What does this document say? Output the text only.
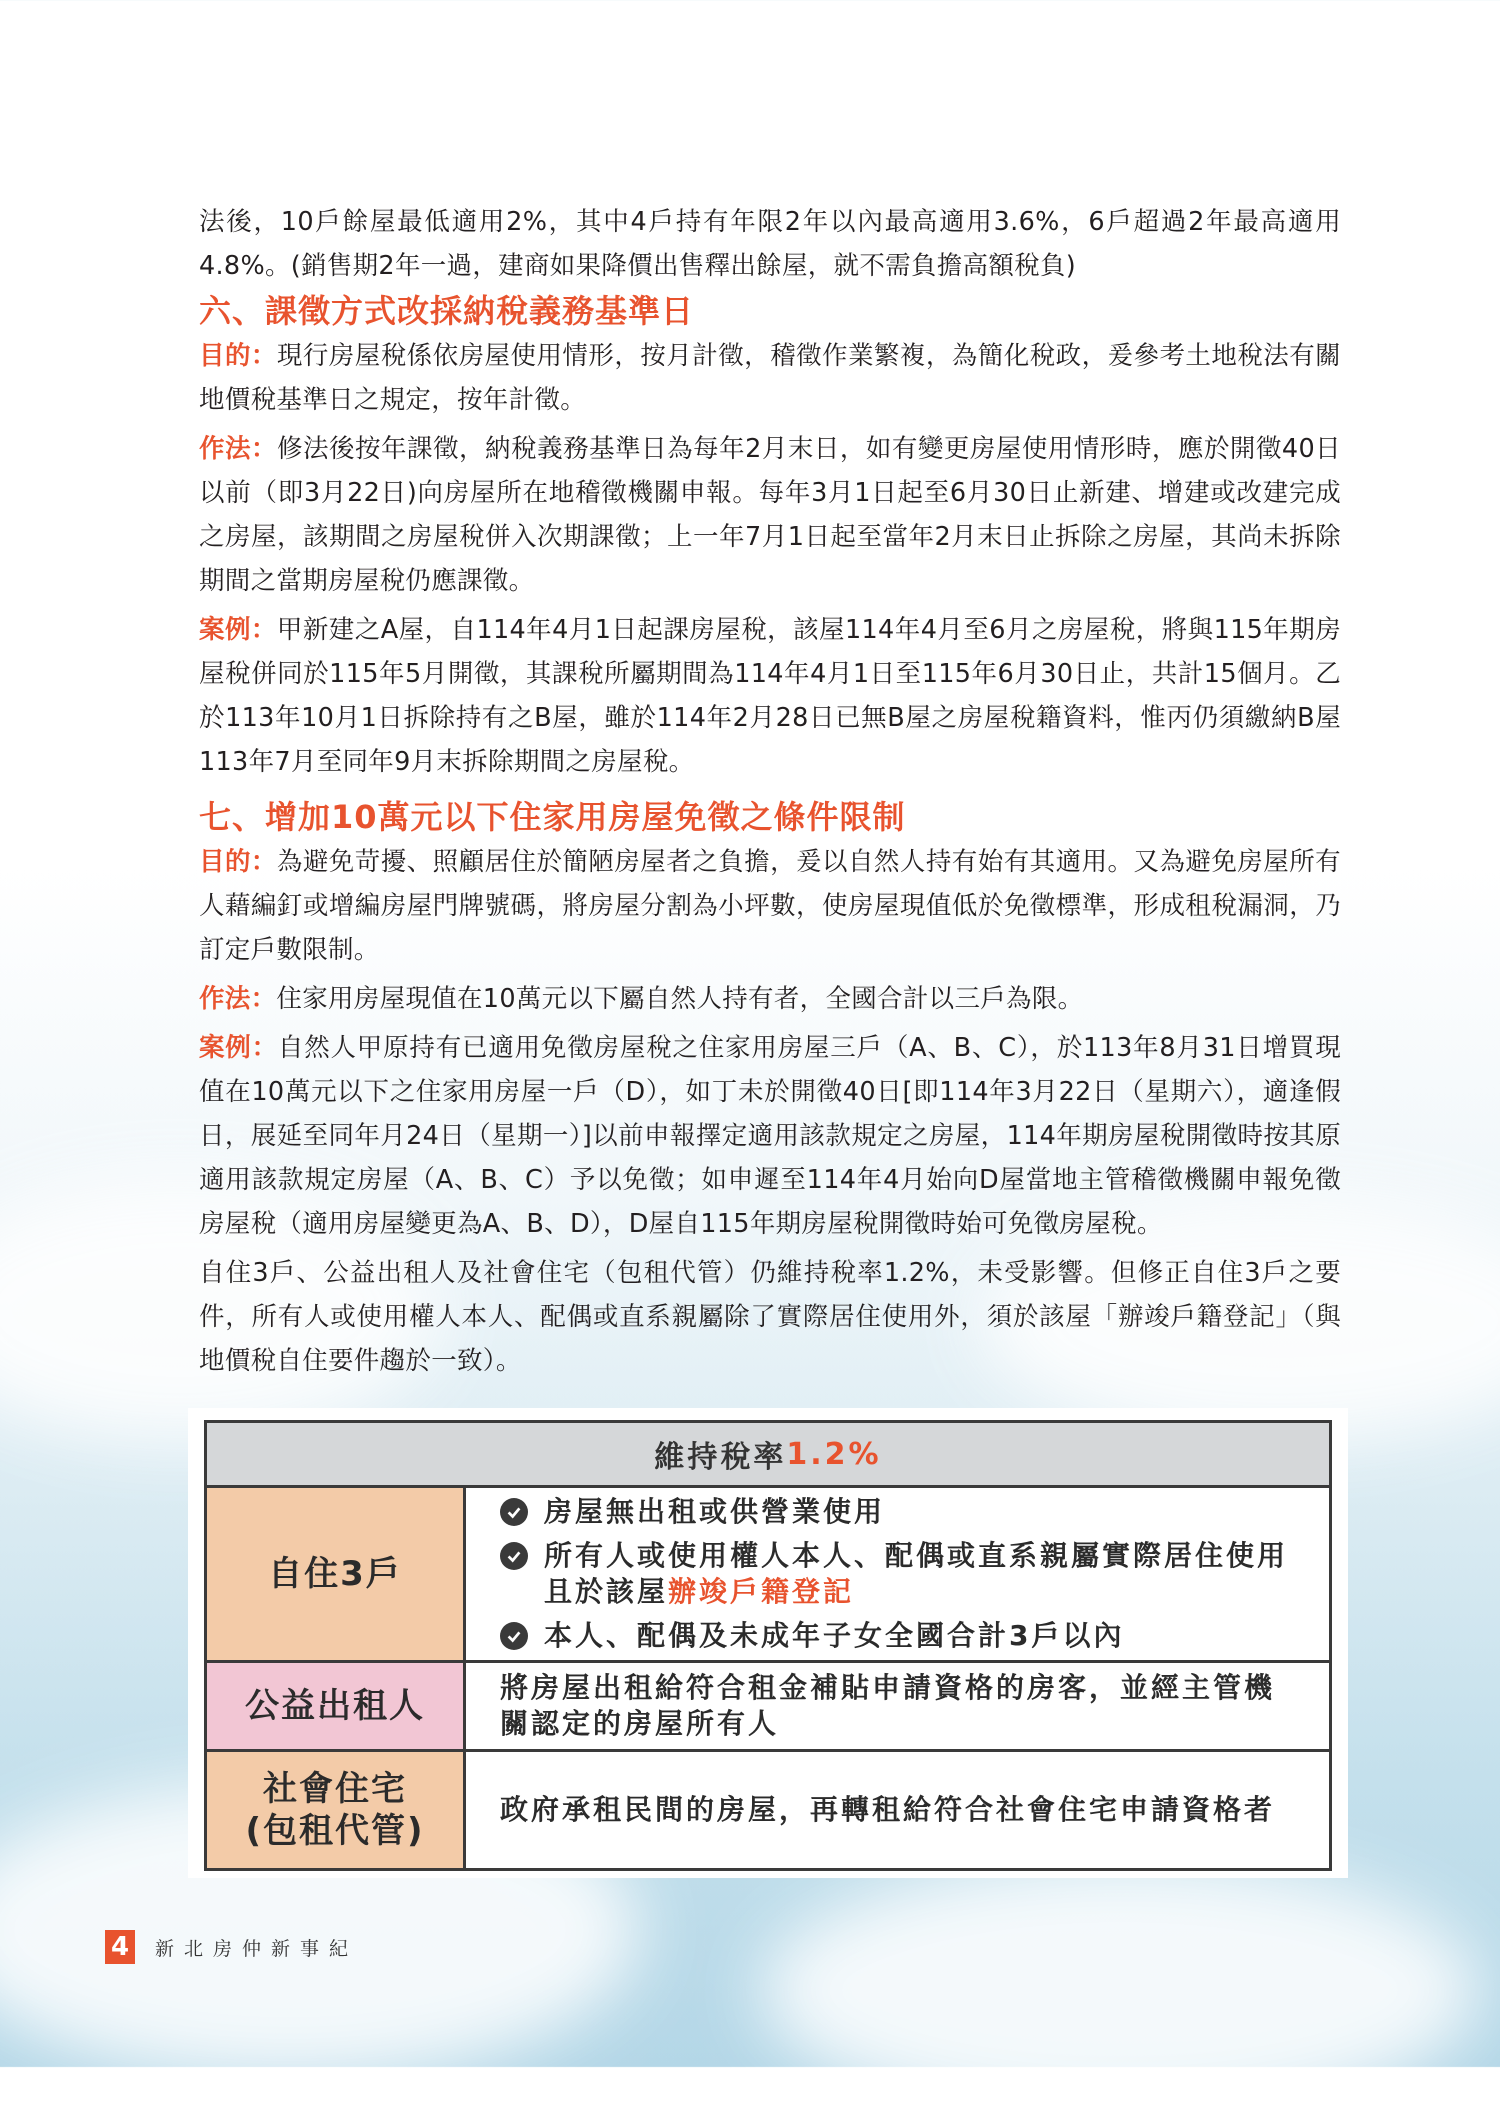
法後，10戶餘屋最低適用2%，其中4戶持有年限2年以內最高適用3.6%，6戶超過2年最高適用4.8%。(銷售期2年一過，建商如果降價出售釋出餘屋，就不需負擔高額稅負)

六、課徵方式改採納稅義務基準日

目的：現行房屋稅係依房屋使用情形，按月計徵，稽徵作業繁複，為簡化稅政，爰參考土地稅法有關地價稅基準日之規定，按年計徵。

作法：修法後按年課徵，納稅義務基準日為每年2月末日，如有變更房屋使用情形時，應於開徵40日以前（即3月22日)向房屋所在地稽徵機關申報。每年3月1日起至6月30日止新建、增建或改建完成之房屋，該期間之房屋稅併入次期課徵；上一年7月1日起至當年2月末日止拆除之房屋，其尚未拆除期間之當期房屋稅仍應課徵。

案例：甲新建之A屋，自114年4月1日起課房屋稅，該屋114年4月至6月之房屋稅，將與115年期房屋稅併同於115年5月開徵，其課稅所屬期間為114年4月1日至115年6月30日止，共計15個月。乙於113年10月1日拆除持有之B屋，雖於114年2月28日已無B屋之房屋稅籍資料，惟丙仍須繳納B屋113年7月至同年9月末拆除期間之房屋稅。

七、增加10萬元以下住家用房屋免徵之條件限制

目的：為避免苛擾、照顧居住於簡陋房屋者之負擔，爰以自然人持有始有其適用。又為避免房屋所有人藉編釘或增編房屋門牌號碼，將房屋分割為小坪數，使房屋現值低於免徵標準，形成租稅漏洞，乃訂定戶數限制。

作法：住家用房屋現值在10萬元以下屬自然人持有者，全國合計以三戶為限。

案例：自然人甲原持有已適用免徵房屋稅之住家用房屋三戶（A、B、C），於113年8月31日增買現值在10萬元以下之住家用房屋一戶（D），如丁未於開徵40日[即114年3月22日（星期六），適逢假日，展延至同年月24日（星期一）]以前申報擇定適用該款規定之房屋，114年期房屋稅開徵時按其原適用該款規定房屋（A、B、C）予以免徵；如申遲至114年4月始向D屋當地主管稽徵機關申報免徵房屋稅（適用房屋變更為A、B、D），D屋自115年期房屋稅開徵時始可免徵房屋稅。

自住3戶、公益出租人及社會住宅（包租代管）仍維持稅率1.2%，未受影響。但修正自住3戶之要件，所有人或使用權人本人、配偶或直系親屬除了實際居住使用外，須於該屋「辦竣戶籍登記」（與地價稅自住要件趨於一致）。

維持稅率 1.2%
自住3戶
房屋無出租或供營業使用
所有人或使用權人本人、配偶或直系親屬實際居住使用且於該屋辦竣戶籍登記
本人、配偶及未成年子女全國合計3戶以內
公益出租人	將房屋出租給符合租金補貼申請資格的房客，並經主管機關認定的房屋所有人
社會住宅
(包租代管)
政府承租民間的房屋，再轉租給符合社會住宅申請資格者
4	新北房仲新事紀
